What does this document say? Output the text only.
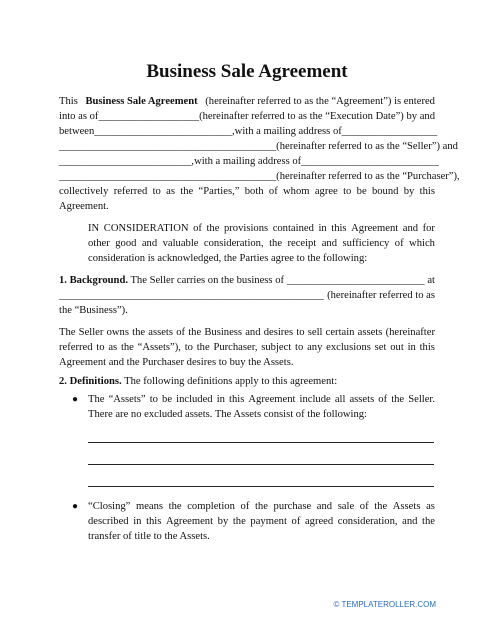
Business Sale Agreement
This Business Sale Agreement (hereinafter referred to as the “Agreement”) is entered
into as of ___________________ (hereinafter referred to as the “Execution Date”) by and
between __________________________, with a mailing address of __________________
_________________________________________ (hereinafter referred to as the “Seller”) and
_________________________, with a mailing address of __________________________
_________________________________________ (hereinafter referred to as the “Purchaser”),
collectively referred to as the “Parties,” both of whom agree to be bound by this
Agreement.
IN CONSIDERATION of the provisions contained in this Agreement and for
other good and valuable consideration, the receipt and sufficiency of which
consideration is acknowledged, the Parties agree to the following:
1. Background. The Seller carries on the business of __________________________ at
__________________________________________________ (hereinafter referred to as
the “Business”).
The Seller owns the assets of the Business and desires to sell certain assets (hereinafter
referred to as the “Assets”), to the Purchaser, subject to any exclusions set out in this
Agreement and the Purchaser desires to buy the Assets.
2. Definitions. The following definitions apply to this agreement:
● The “Assets” to be included in this Agreement include all assets of the Seller.
There are no excluded assets. The Assets consist of the following:
● “Closing” means the completion of the purchase and sale of the Assets as
described in this Agreement by the payment of agreed consideration, and the
transfer of title to the Assets.
© TEMPLATEROLLER.COM
